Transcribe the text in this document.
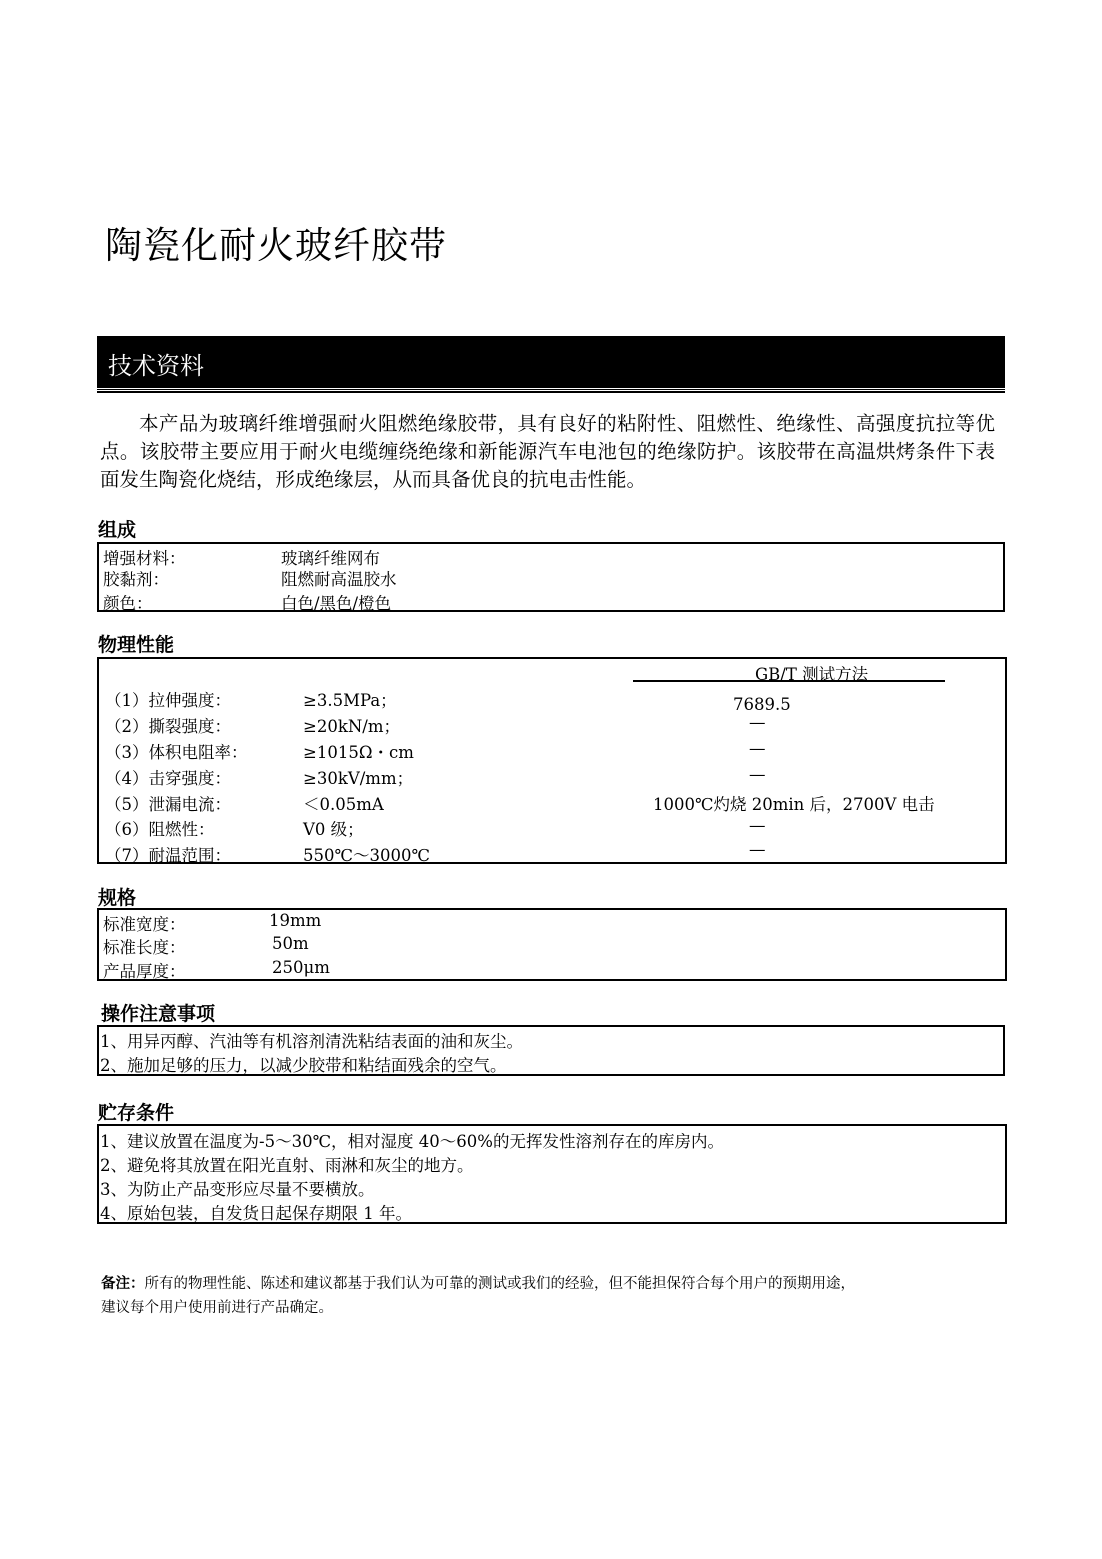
陶瓷化耐火玻纤胶带
技术资料
本产品为玻璃纤维增强耐火阻燃绝缘胶带，具有良好的粘附性、阻燃性、绝缘性、高强度抗拉等优点。该胶带主要应用于耐火电缆缠绕绝缘和新能源汽车电池包的绝缘防护。该胶带在高温烘烤条件下表面发生陶瓷化烧结，形成绝缘层，从而具备优良的抗电击性能。
组成
增强材料：	玻璃纤维网布
胶黏剂：	阻燃耐高温胶水
颜色：	白色/黑色/橙色
物理性能
GB/T 测试方法
（1）拉伸强度：	≥3.5MPa；	7689.5
（2）撕裂强度：	≥20kN/m；	—
（3）体积电阻率：	≥1015Ω・cm	—
（4）击穿强度：	≥30kV/mm；	—
（5）泄漏电流：	＜0.05mA	1000℃灼烧 20min 后，2700V 电击
（6）阻燃性：	V0 级；	—
（7）耐温范围：	550℃～3000℃	—
规格
标准宽度：	19mm
标准长度：	50m
产品厚度：	250μm
操作注意事项
1、用异丙醇、汽油等有机溶剂清洗粘结表面的油和灰尘。
2、施加足够的压力，以减少胶带和粘结面残余的空气。
贮存条件
1、建议放置在温度为-5～30℃，相对湿度 40～60%的无挥发性溶剂存在的库房内。
2、避免将其放置在阳光直射、雨淋和灰尘的地方。
3、为防止产品变形应尽量不要横放。
4、原始包装，自发货日起保存期限 1 年。
备注：所有的物理性能、陈述和建议都基于我们认为可靠的测试或我们的经验，但不能担保符合每个用户的预期用途，
建议每个用户使用前进行产品确定。
